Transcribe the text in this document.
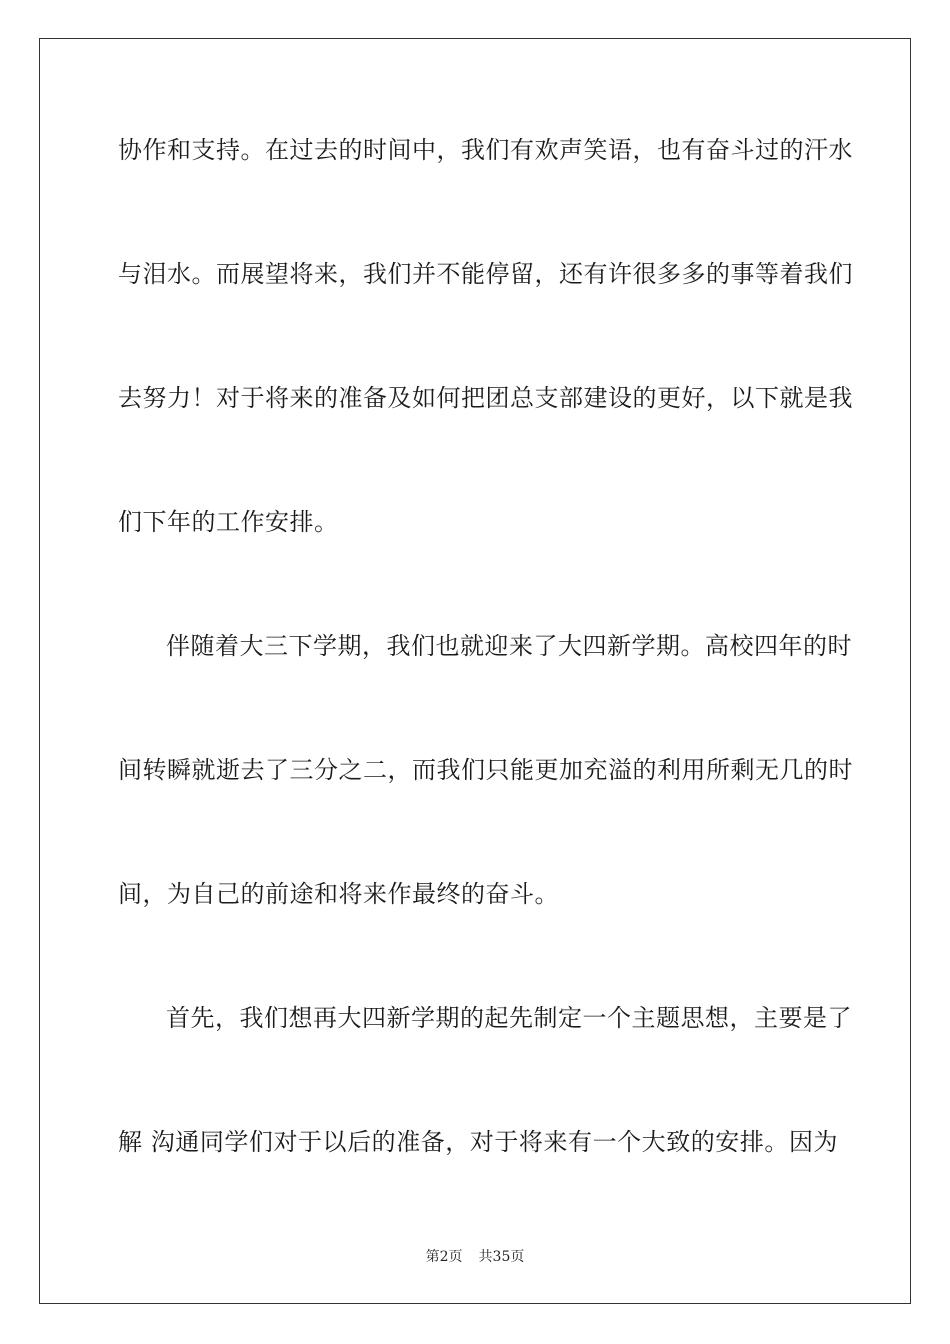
协作和支持。在过去的时间中，我们有欢声笑语，也有奋斗过的汗水
与泪水。而展望将来，我们并不能停留，还有许很多多的事等着我们
去努力！对于将来的准备及如何把团总支部建设的更好，以下就是我
们下年的工作安排。
伴随着大三下学期，我们也就迎来了大四新学期。高校四年的时
间转瞬就逝去了三分之二，而我们只能更加充溢的利用所剩无几的时
间，为自己的前途和将来作最终的奋斗。
首先，我们想再大四新学期的起先制定一个主题思想，主要是了
解 沟通同学们对于以后的准备，对于将来有一个大致的安排。因为
第2页 共35页
